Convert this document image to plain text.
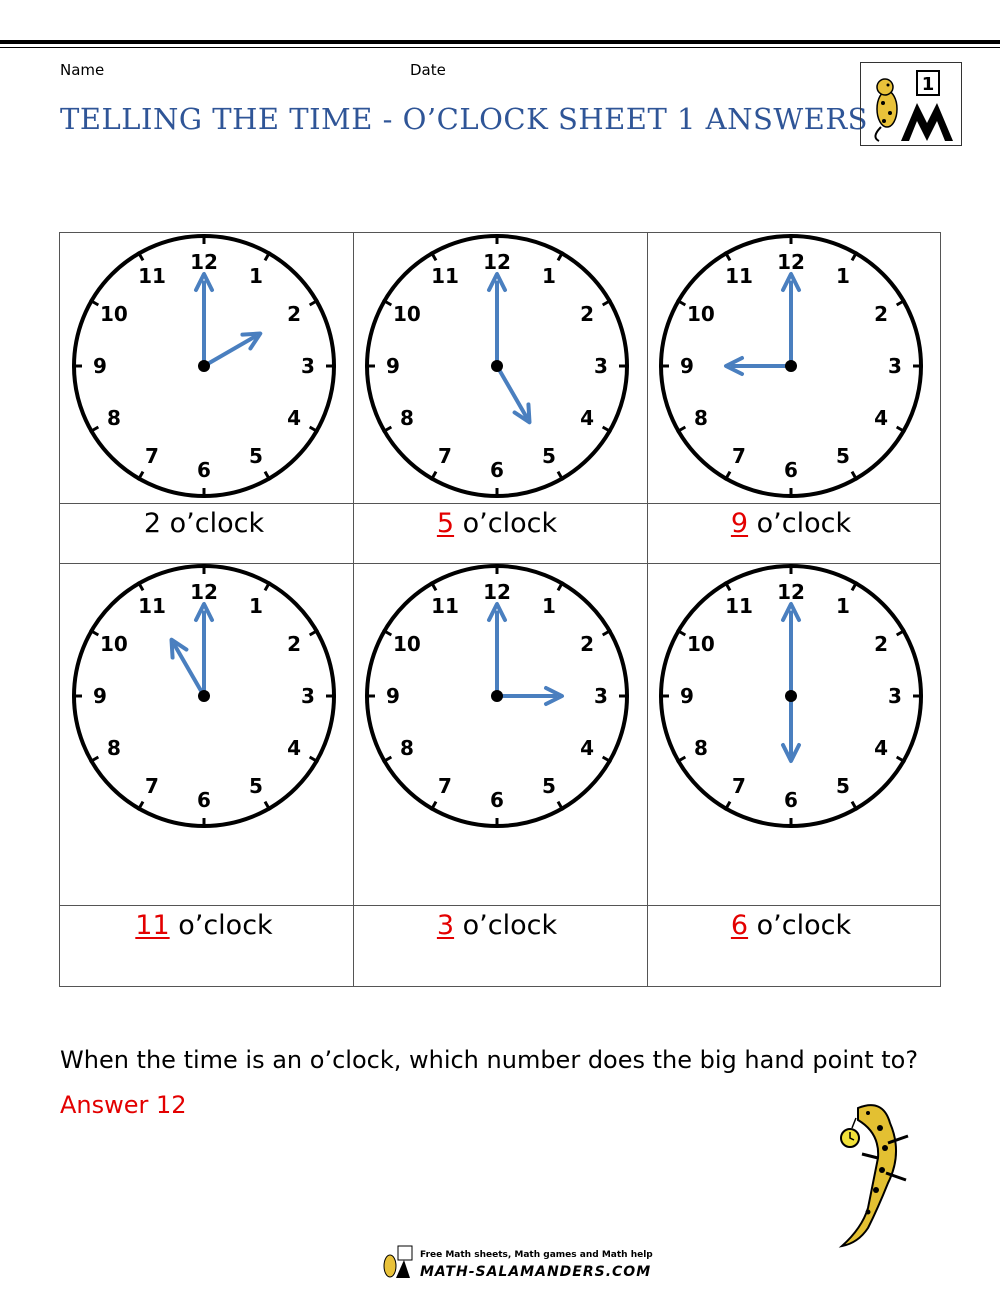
Name	Date
TELLING THE TIME - O’CLOCK SHEET 1 ANSWERS
1
12
1
2
3
4
5
6
7
8
9
10
11
2 o’clock
12
1
2
3
4
5
6
7
8
9
10
11
5 o’clock
12
1
2
3
4
5
6
7
8
9
10
11
9 o’clock
12
1
2
3
4
5
6
7
8
9
10
11
11 o’clock
12
1
2
3
4
5
6
7
8
9
10
11
3 o’clock
12
1
2
3
4
5
6
7
8
9
10
11
6 o’clock
When the time is an o’clock, which number does the big hand point to?
Answer 12
Free Math sheets, Math games and Math help
MATH-SALAMANDERS.COM
